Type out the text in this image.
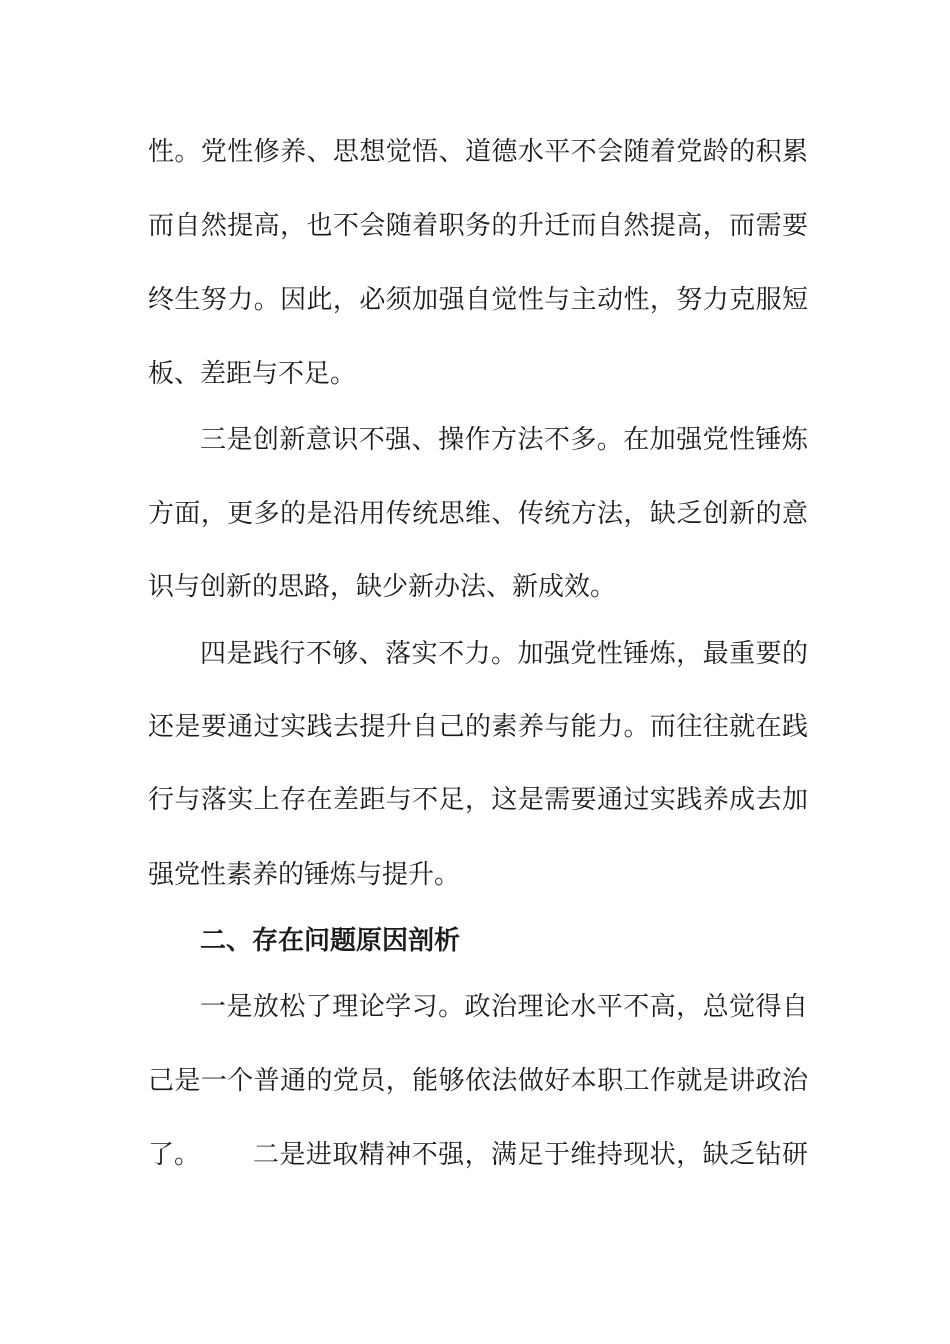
性。党性修养、思想觉悟、道德水平不会随着党龄的积累
而自然提高，也不会随着职务的升迁而自然提高，而需要
终生努力。因此，必须加强自觉性与主动性，努力克服短
板、差距与不足。
三是创新意识不强、操作方法不多。在加强党性锤炼
方面，更多的是沿用传统思维、传统方法，缺乏创新的意
识与创新的思路，缺少新办法、新成效。
四是践行不够、落实不力。加强党性锤炼，最重要的
还是要通过实践去提升自己的素养与能力。而往往就在践
行与落实上存在差距与不足，这是需要通过实践养成去加
强党性素养的锤炼与提升。
二、存在问题原因剖析
一是放松了理论学习。政治理论水平不高，总觉得自
己是一个普通的党员，能够依法做好本职工作就是讲政治
了。	二是进取精神不强，满足于维持现状，缺乏钻研
